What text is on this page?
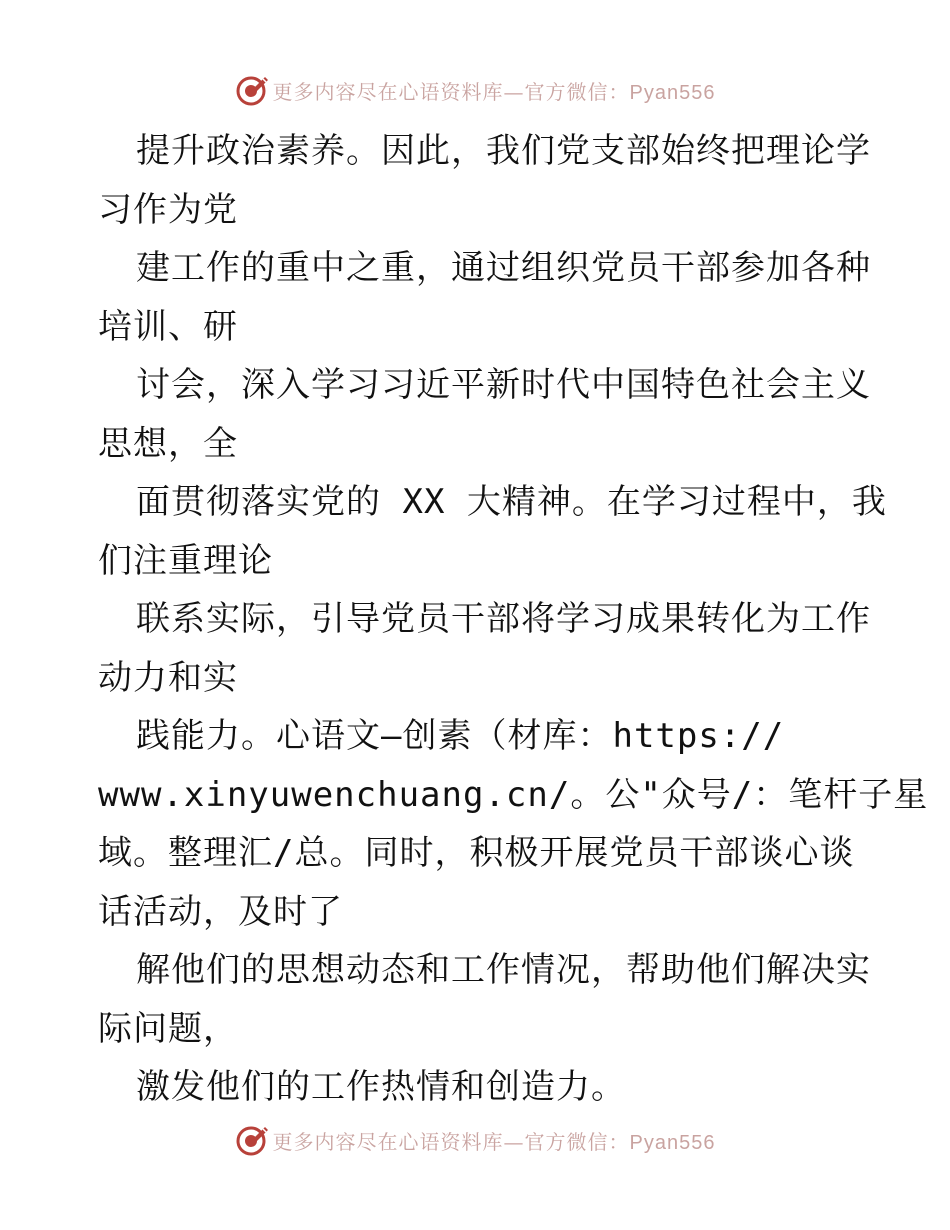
更多内容尽在心语资料库—官方微信：Pyan556
提升政治素养。因此，我们党支部始终把理论学
习作为党
建工作的重中之重，通过组织党员干部参加各种
培训、研
讨会，深入学习习近平新时代中国特色社会主义
思想，全
面贯彻落实党的 XX 大精神。在学习过程中，我
们注重理论
联系实际，引导党员干部将学习成果转化为工作
动力和实
践能力。心语文—创素（材库：https://
www.xinyuwenchuang.cn/。公"众号/：笔杆子星
域。整理汇/总。同时，积极开展党员干部谈心谈
话活动，及时了
解他们的思想动态和工作情况，帮助他们解决实
际问题，
激发他们的工作热情和创造力。
更多内容尽在心语资料库—官方微信：Pyan556
